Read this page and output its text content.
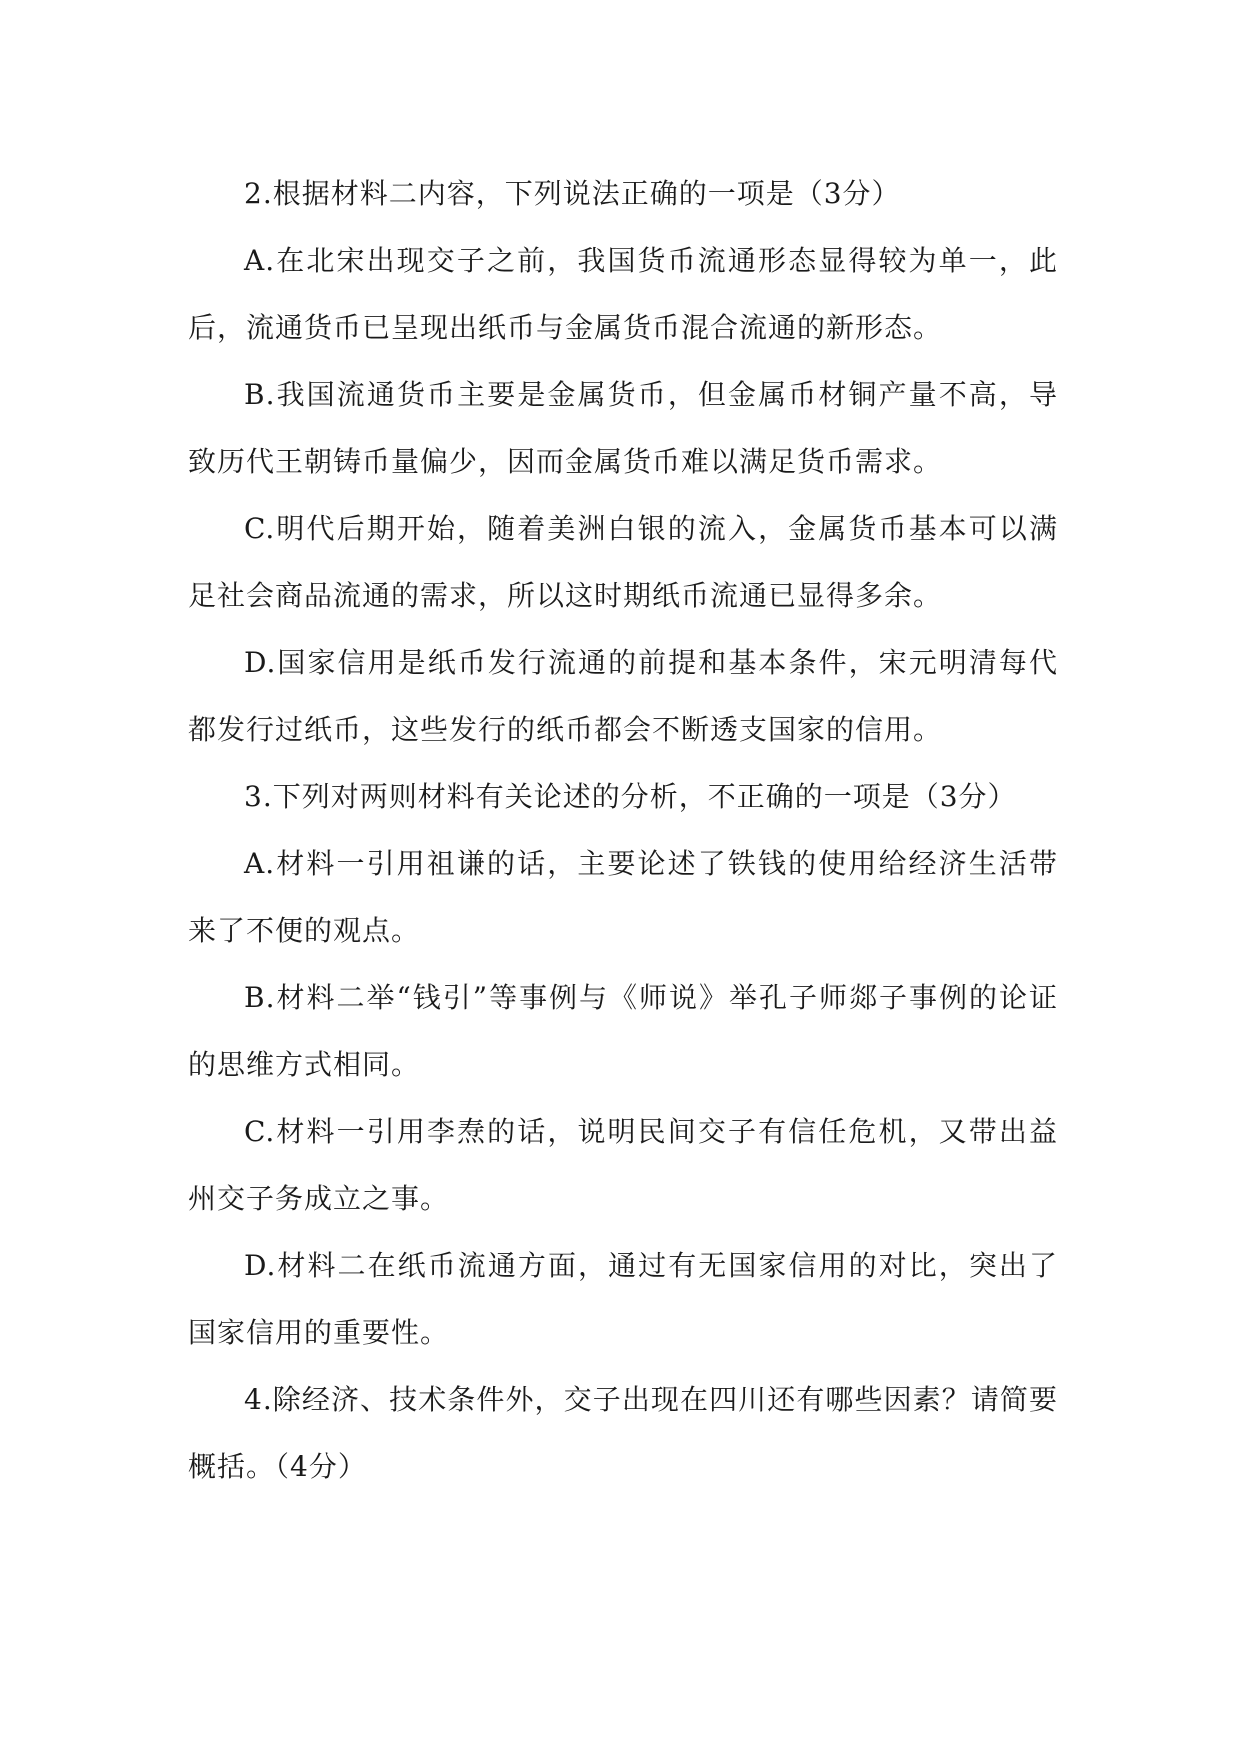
2.根据材料二内容，下列说法正确的一项是（3分）

A.在北宋出现交子之前，我国货币流通形态显得较为单一，此后，流通货币已呈现出纸币与金属货币混合流通的新形态。

B.我国流通货币主要是金属货币，但金属币材铜产量不高，导致历代王朝铸币量偏少，因而金属货币难以满足货币需求。

C.明代后期开始，随着美洲白银的流入，金属货币基本可以满足社会商品流通的需求，所以这时期纸币流通已显得多余。

D.国家信用是纸币发行流通的前提和基本条件，宋元明清每代都发行过纸币，这些发行的纸币都会不断透支国家的信用。

3.下列对两则材料有关论述的分析，不正确的一项是（3分）

A.材料一引用祖谦的话，主要论述了铁钱的使用给经济生活带来了不便的观点。

B.材料二举“钱引”等事例与《师说》举孔子师郯子事例的论证的思维方式相同。

C.材料一引用李焘的话，说明民间交子有信任危机，又带出益州交子务成立之事。

D.材料二在纸币流通方面，通过有无国家信用的对比，突出了国家信用的重要性。

4.除经济、技术条件外，交子出现在四川还有哪些因素？请简要概括。（4分）
